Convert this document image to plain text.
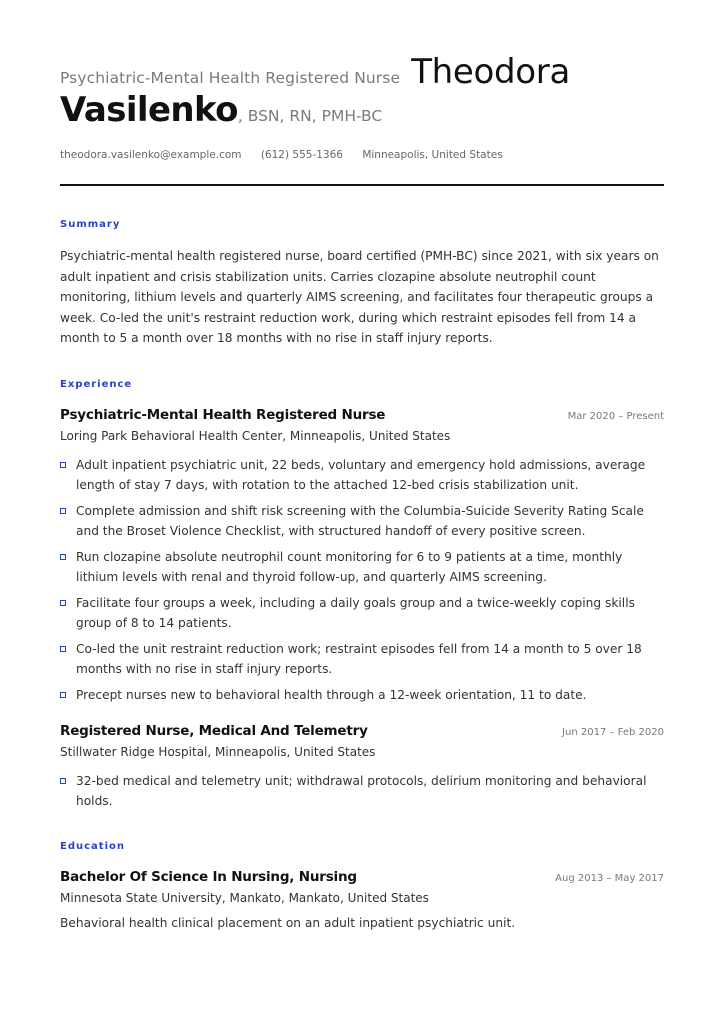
Psychiatric-Mental Health Registered Nurse Theodora
Vasilenko, BSN, RN, PMH-BC
theodora.vasilenko@example.com (612) 555-1366 Minneapolis, United States
Summary
Psychiatric-mental health registered nurse, board certified (PMH-BC) since 2021, with six years on adult inpatient and crisis stabilization units. Carries clozapine absolute neutrophil count monitoring, lithium levels and quarterly AIMS screening, and facilitates four therapeutic groups a week. Co-led the unit's restraint reduction work, during which restraint episodes fell from 14 a month to 5 a month over 18 months with no rise in staff injury reports.
Experience
Psychiatric-Mental Health Registered Nurse	Mar 2020 – Present
Loring Park Behavioral Health Center, Minneapolis, United States
Adult inpatient psychiatric unit, 22 beds, voluntary and emergency hold admissions, average length of stay 7 days, with rotation to the attached 12-bed crisis stabilization unit.
Complete admission and shift risk screening with the Columbia-Suicide Severity Rating Scale and the Broset Violence Checklist, with structured handoff of every positive screen.
Run clozapine absolute neutrophil count monitoring for 6 to 9 patients at a time, monthly lithium levels with renal and thyroid follow-up, and quarterly AIMS screening.
Facilitate four groups a week, including a daily goals group and a twice-weekly coping skills group of 8 to 14 patients.
Co-led the unit restraint reduction work; restraint episodes fell from 14 a month to 5 over 18 months with no rise in staff injury reports.
Precept nurses new to behavioral health through a 12-week orientation, 11 to date.
Registered Nurse, Medical And Telemetry	Jun 2017 – Feb 2020
Stillwater Ridge Hospital, Minneapolis, United States
32-bed medical and telemetry unit; withdrawal protocols, delirium monitoring and behavioral holds.
Education
Bachelor Of Science In Nursing, Nursing	Aug 2013 – May 2017
Minnesota State University, Mankato, Mankato, United States
Behavioral health clinical placement on an adult inpatient psychiatric unit.
